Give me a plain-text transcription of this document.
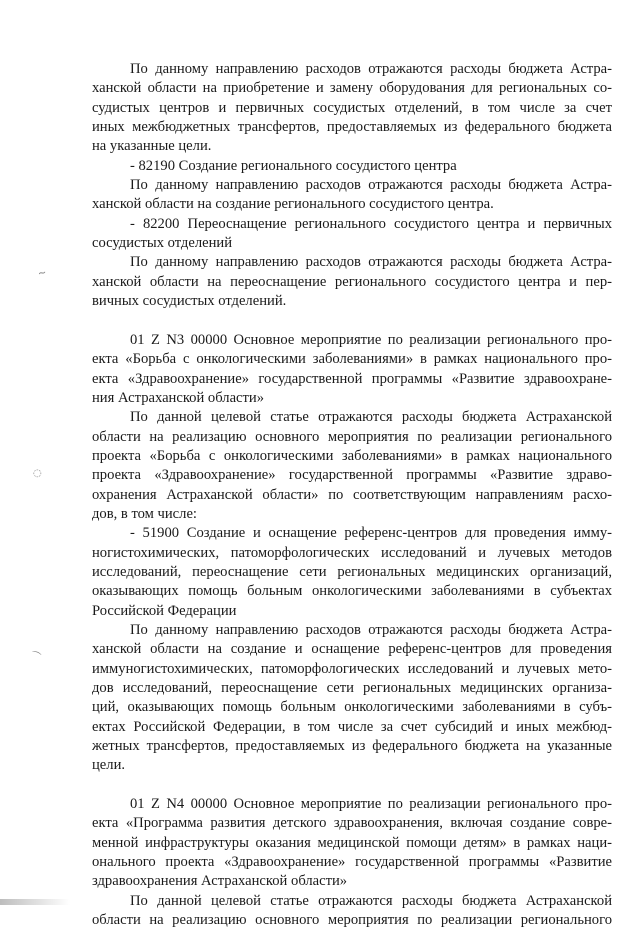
По данному направлению расходов отражаются расходы бюджета Астра-
ханской области на приобретение и замену оборудования для региональных со-
судистых центров и первичных сосудистых отделений, в том числе за счет
иных межбюджетных трансфертов, предоставляемых из федерального бюджета
на указанные цели.
- 82190 Создание регионального сосудистого центра
По данному направлению расходов отражаются расходы бюджета Астра-
ханской области на создание регионального сосудистого центра.
- 82200 Переоснащение регионального сосудистого центра и первичных
сосудистых отделений
По данному направлению расходов отражаются расходы бюджета Астра-
ханской области на переоснащение регионального сосудистого центра и пер-
вичных сосудистых отделений.
01 Z N3 00000 Основное мероприятие по реализации регионального про-
екта «Борьба с онкологическими заболеваниями» в рамках национального про-
екта «Здравоохранение» государственной программы «Развитие здравоохране-
ния Астраханской области»
По данной целевой статье отражаются расходы бюджета Астраханской
области на реализацию основного мероприятия по реализации регионального
проекта «Борьба с онкологическими заболеваниями» в рамках национального
проекта «Здравоохранение» государственной программы «Развитие здраво-
охранения Астраханской области» по соответствующим направлениям расхо-
дов, в том числе:
- 51900 Создание и оснащение референс-центров для проведения имму-
ногистохимических, патоморфологических исследований и лучевых методов
исследований, переоснащение сети региональных медицинских организаций,
оказывающих помощь больным онкологическими заболеваниями в субъектах
Российской Федерации
По данному направлению расходов отражаются расходы бюджета Астра-
ханской области на создание и оснащение референс-центров для проведения
иммуногистохимических, патоморфологических исследований и лучевых мето-
дов исследований, переоснащение сети региональных медицинских организа-
ций, оказывающих помощь больным онкологическими заболеваниями в субъ-
ектах Российской Федерации, в том числе за счет субсидий и иных межбюд-
жетных трансфертов, предоставляемых из федерального бюджета на указанные
цели.
01 Z N4 00000 Основное мероприятие по реализации регионального про-
екта «Программа развития детского здравоохранения, включая создание совре-
менной инфраструктуры оказания медицинской помощи детям» в рамках наци-
онального проекта «Здравоохранение» государственной программы «Развитие
здравоохранения Астраханской области»
По данной целевой статье отражаются расходы бюджета Астраханской
области на реализацию основного мероприятия по реализации регионального
~
◌
⌒
